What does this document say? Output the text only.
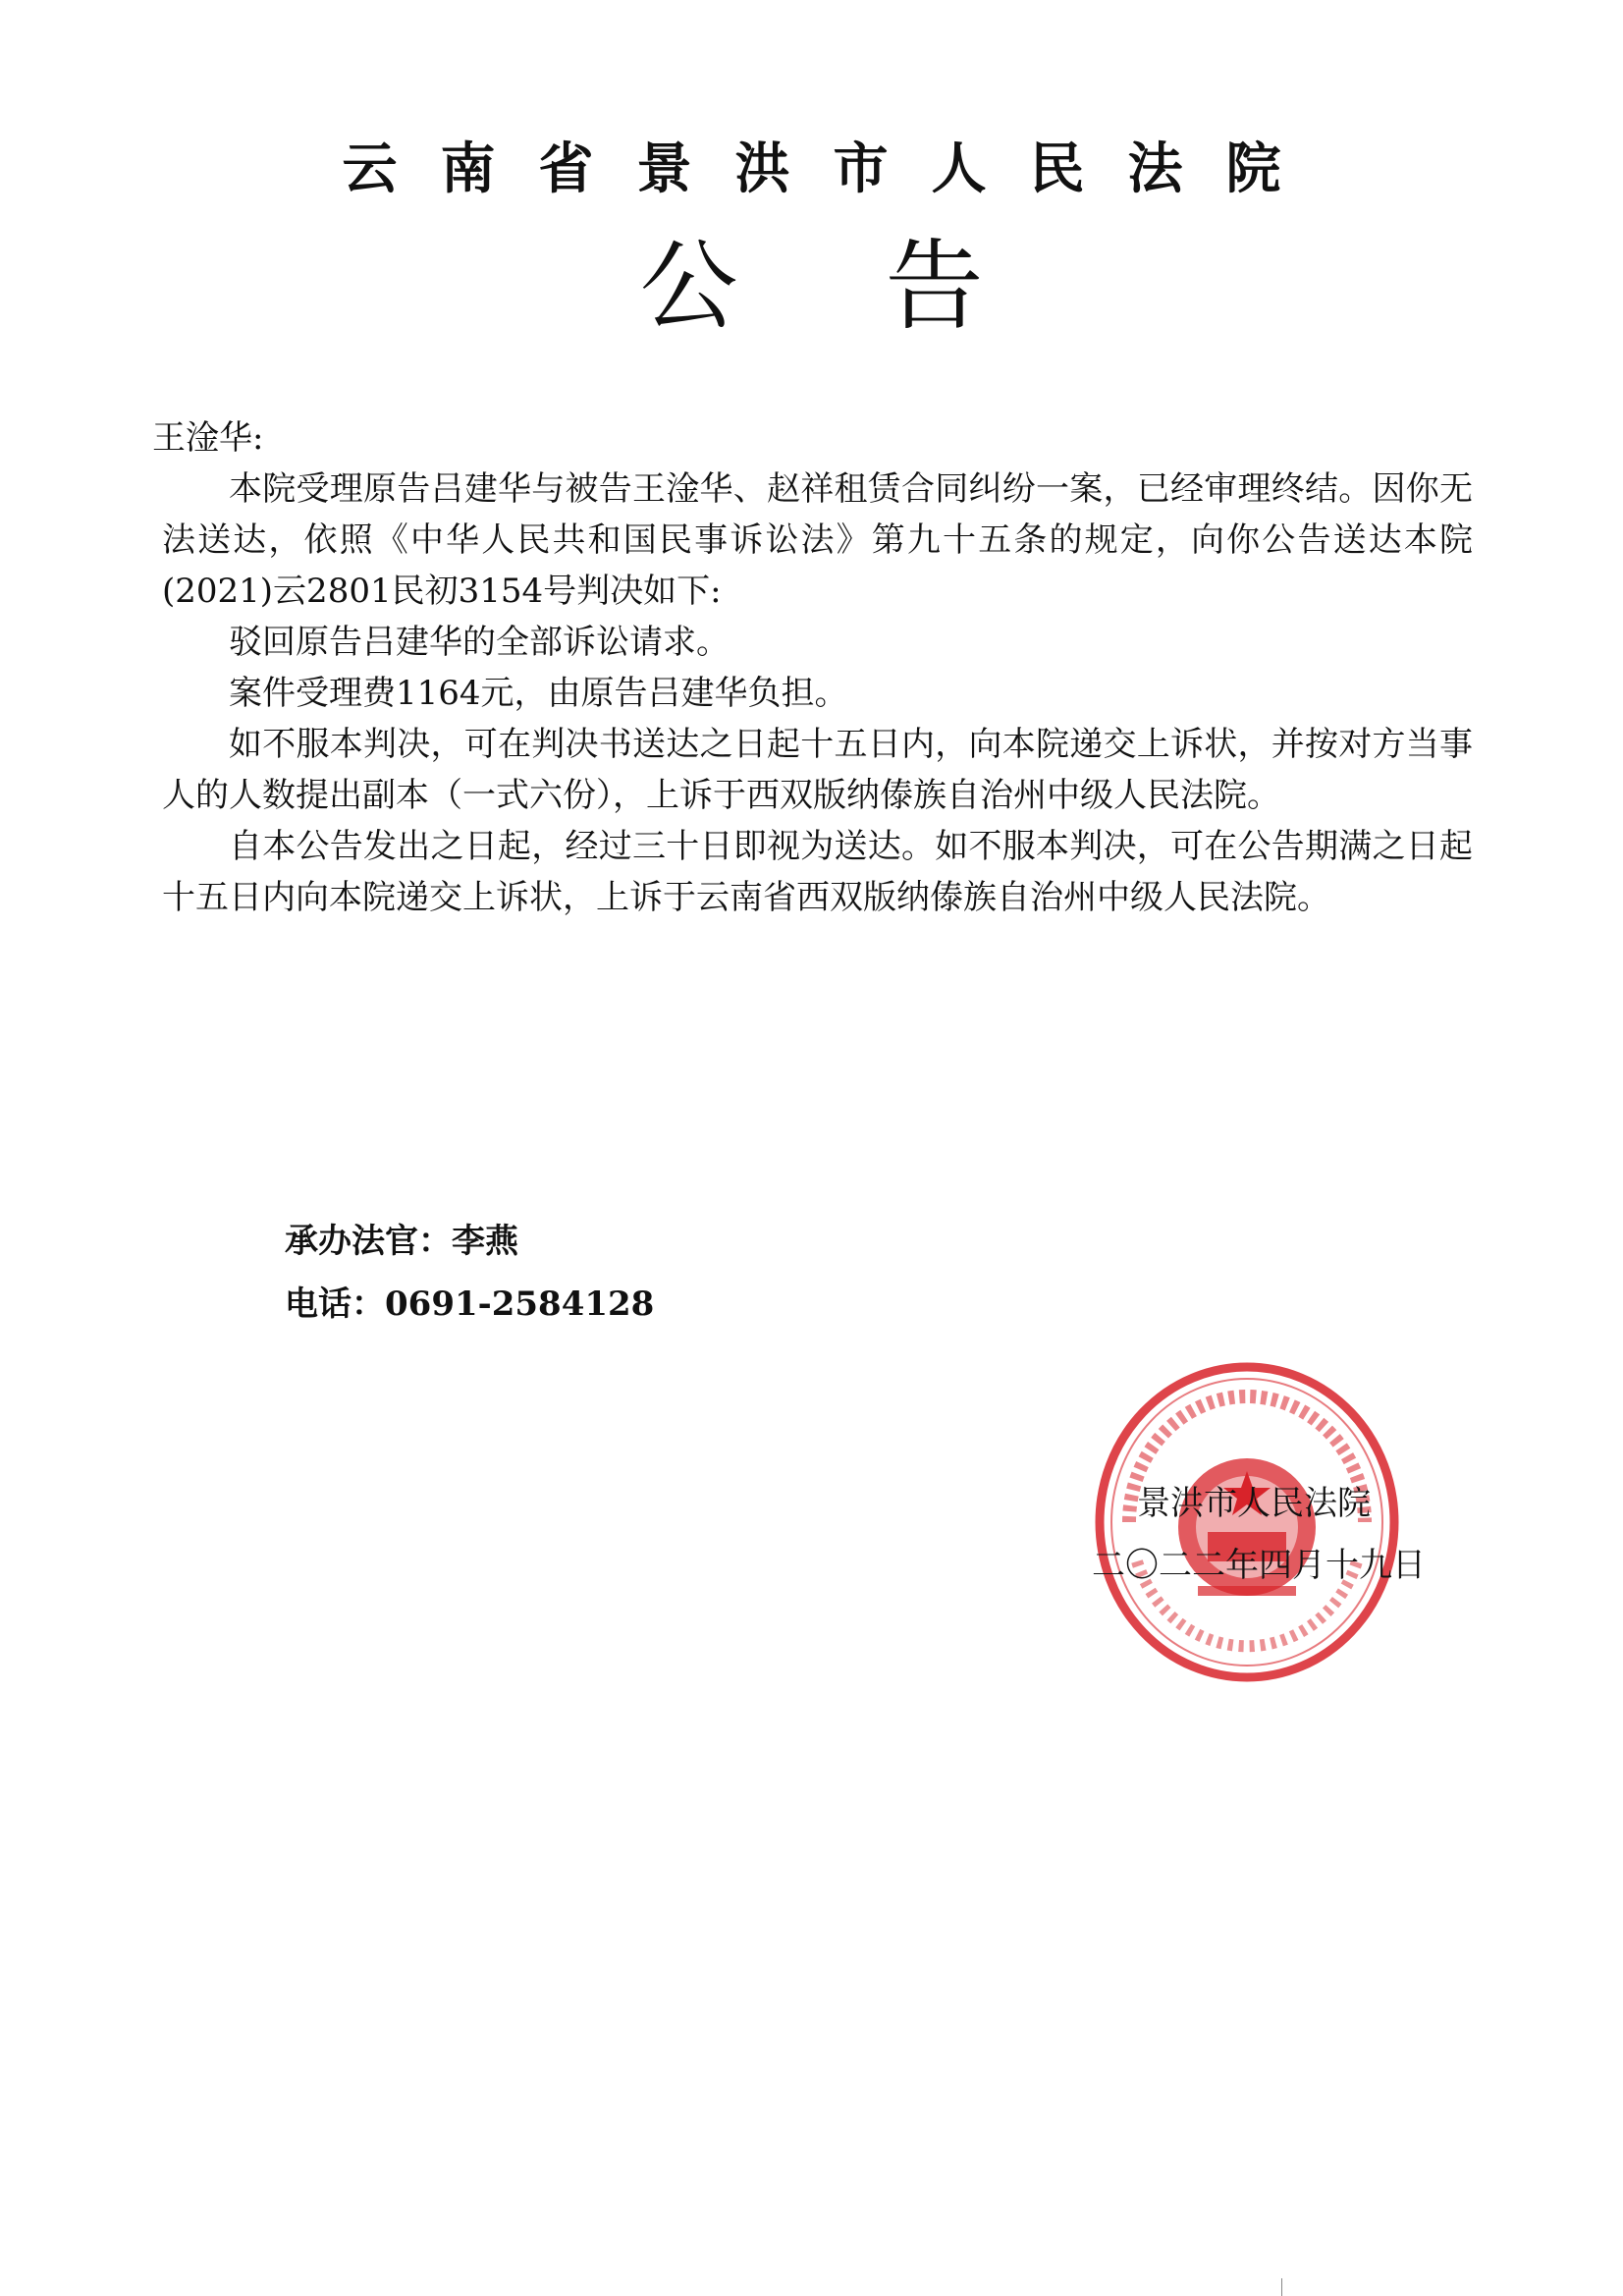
云南省景洪市人民法院
公告
王淦华:

本院受理原告吕建华与被告王淦华、赵祥租赁合同纠纷一案，已经审理终结。因你无法送达，依照《中华人民共和国民事诉讼法》第九十五条的规定，向你公告送达本院(2021)云2801民初3154号判决如下:

驳回原告吕建华的全部诉讼请求。

案件受理费1164元，由原告吕建华负担。

如不服本判决，可在判决书送达之日起十五日内，向本院递交上诉状，并按对方当事人的人数提出副本（一式六份），上诉于西双版纳傣族自治州中级人民法院。

自本公告发出之日起，经过三十日即视为送达。如不服本判决，可在公告期满之日起十五日内向本院递交上诉状，上诉于云南省西双版纳傣族自治州中级人民法院。

承办法官：李燕
电话：0691-2584128
景洪市人民法院
二〇二二年四月十九日
